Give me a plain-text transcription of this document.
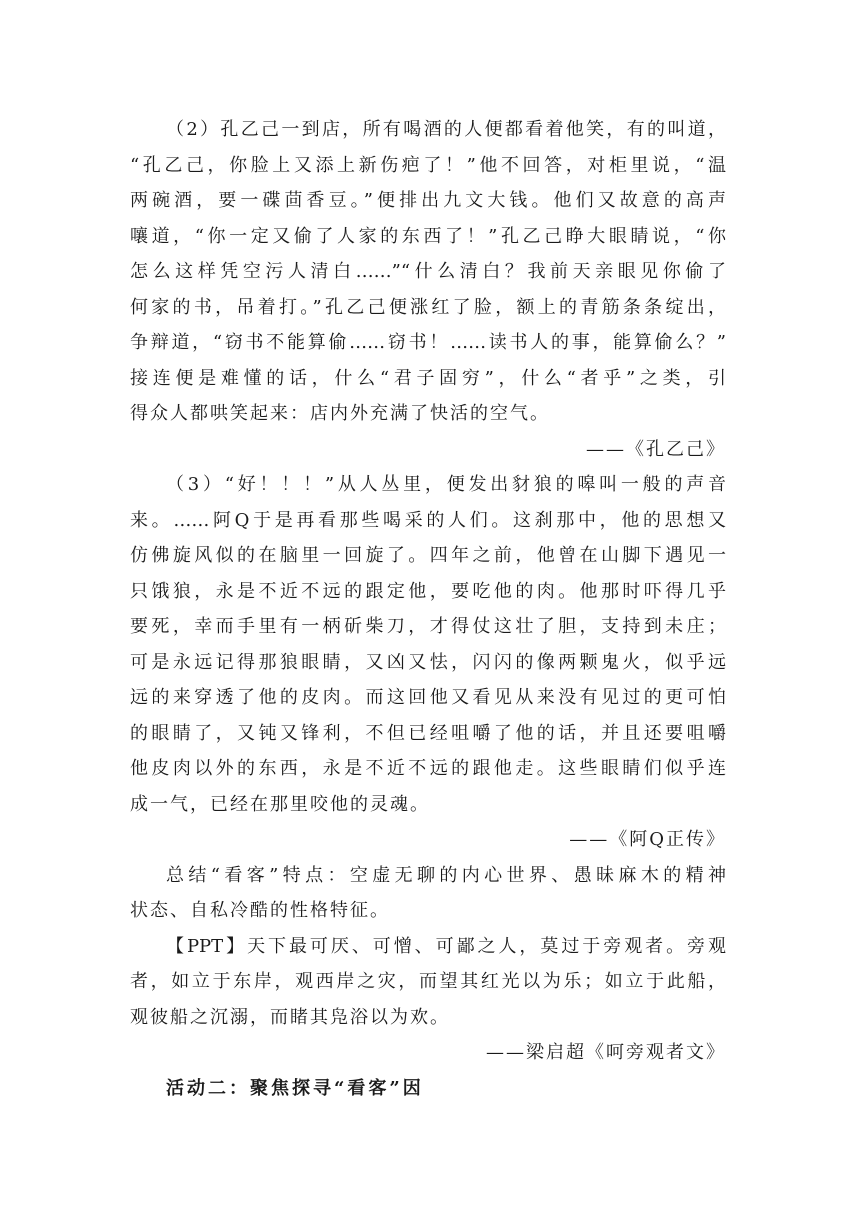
（2）孔乙己一到店，所有喝酒的人便都看着他笑，有的叫道，
“孔乙己，你脸上又添上新伤疤了！”他不回答，对柜里说，“温
两碗酒，要一碟茴香豆。”便排出九文大钱。他们又故意的高声
嚷道，“你一定又偷了人家的东西了！”孔乙己睁大眼睛说，“你
怎么这样凭空污人清白……”“什么清白？我前天亲眼见你偷了
何家的书，吊着打。”孔乙己便涨红了脸，额上的青筋条条绽出，
争辩道，“窃书不能算偷……窃书！……读书人的事，能算偷么？”
接连便是难懂的话，什么“君子固穷”，什么“者乎”之类，引
得众人都哄笑起来：店内外充满了快活的空气。
——《孔乙己》
（3）“好！！！”从人丛里，便发出豺狼的嗥叫一般的声音
来。……阿Q于是再看那些喝采的人们。这刹那中，他的思想又
仿佛旋风似的在脑里一回旋了。四年之前，他曾在山脚下遇见一
只饿狼，永是不近不远的跟定他，要吃他的肉。他那时吓得几乎
要死，幸而手里有一柄斫柴刀，才得仗这壮了胆，支持到未庄；
可是永远记得那狼眼睛，又凶又怯，闪闪的像两颗鬼火，似乎远
远的来穿透了他的皮肉。而这回他又看见从来没有见过的更可怕
的眼睛了，又钝又锋利，不但已经咀嚼了他的话，并且还要咀嚼
他皮肉以外的东西，永是不近不远的跟他走。这些眼睛们似乎连
成一气，已经在那里咬他的灵魂。
——《阿Q正传》
总结“看客”特点：空虚无聊的内心世界、愚昧麻木的精神
状态、自私冷酷的性格特征。
【PPT】天下最可厌、可憎、可鄙之人，莫过于旁观者。旁观
者，如立于东岸，观西岸之灾，而望其红光以为乐；如立于此船，
观彼船之沉溺，而睹其凫浴以为欢。
——梁启超《呵旁观者文》
活动二：聚焦探寻“看客”因
